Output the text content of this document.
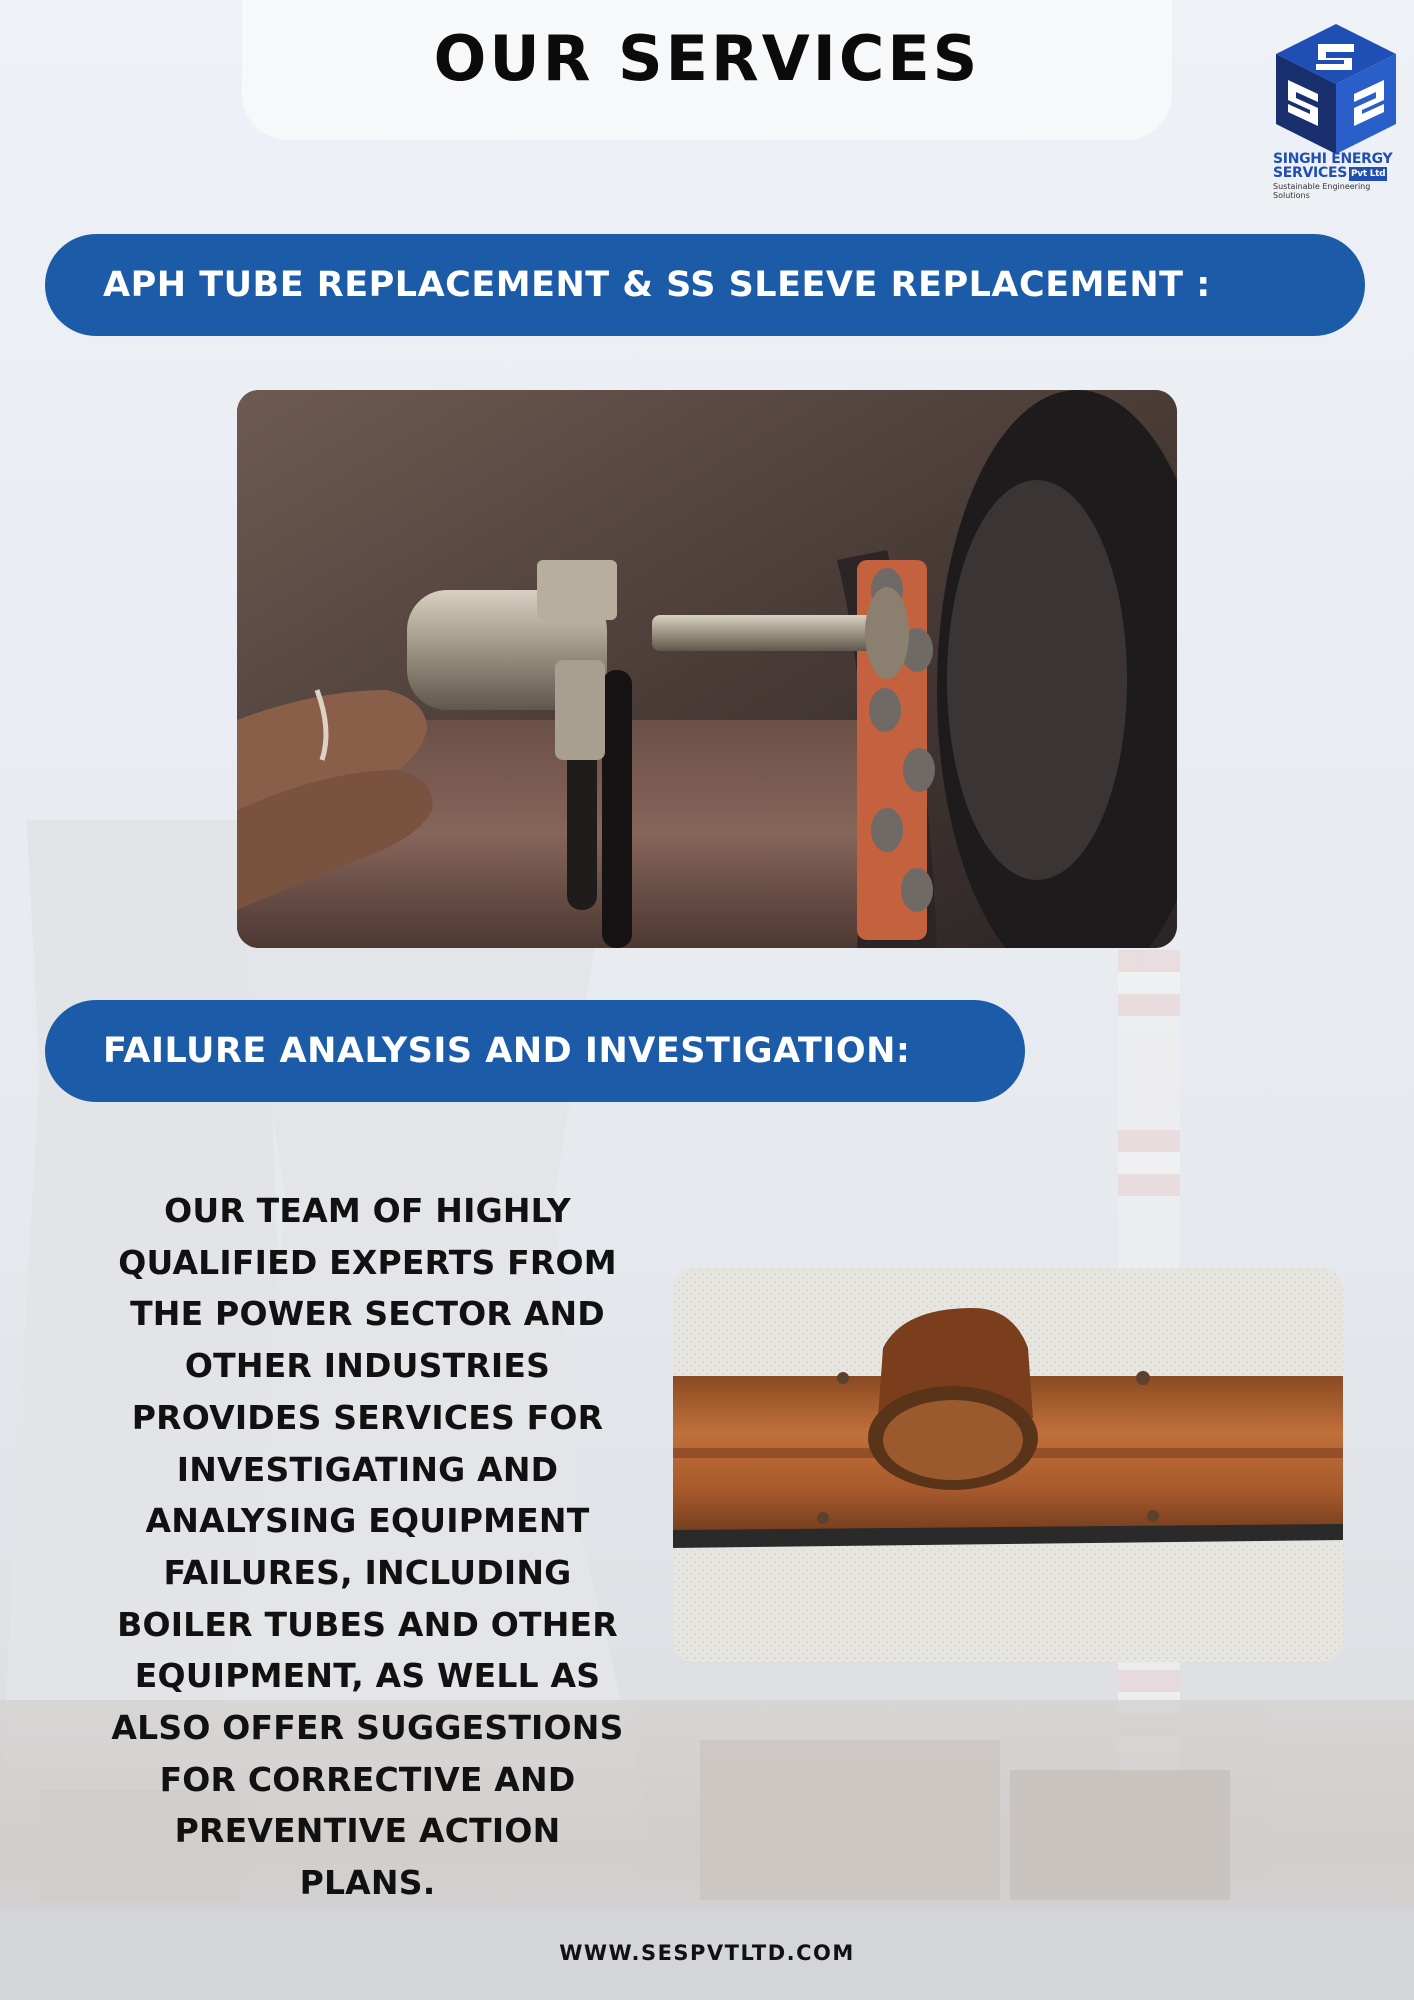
OUR SERVICES
SINGHI ENERGY
SERVICES Pvt Ltd
Sustainable Engineering Solutions
APH TUBE REPLACEMENT & SS SLEEVE REPLACEMENT :
FAILURE ANALYSIS AND INVESTIGATION:
OUR TEAM OF HIGHLY
QUALIFIED EXPERTS FROM
THE POWER SECTOR AND
OTHER INDUSTRIES
PROVIDES SERVICES FOR
INVESTIGATING AND
ANALYSING EQUIPMENT
FAILURES, INCLUDING
BOILER TUBES AND OTHER
EQUIPMENT, AS WELL AS
ALSO OFFER SUGGESTIONS
FOR CORRECTIVE AND
PREVENTIVE ACTION
PLANS.
WWW.SESPVTLTD.COM
